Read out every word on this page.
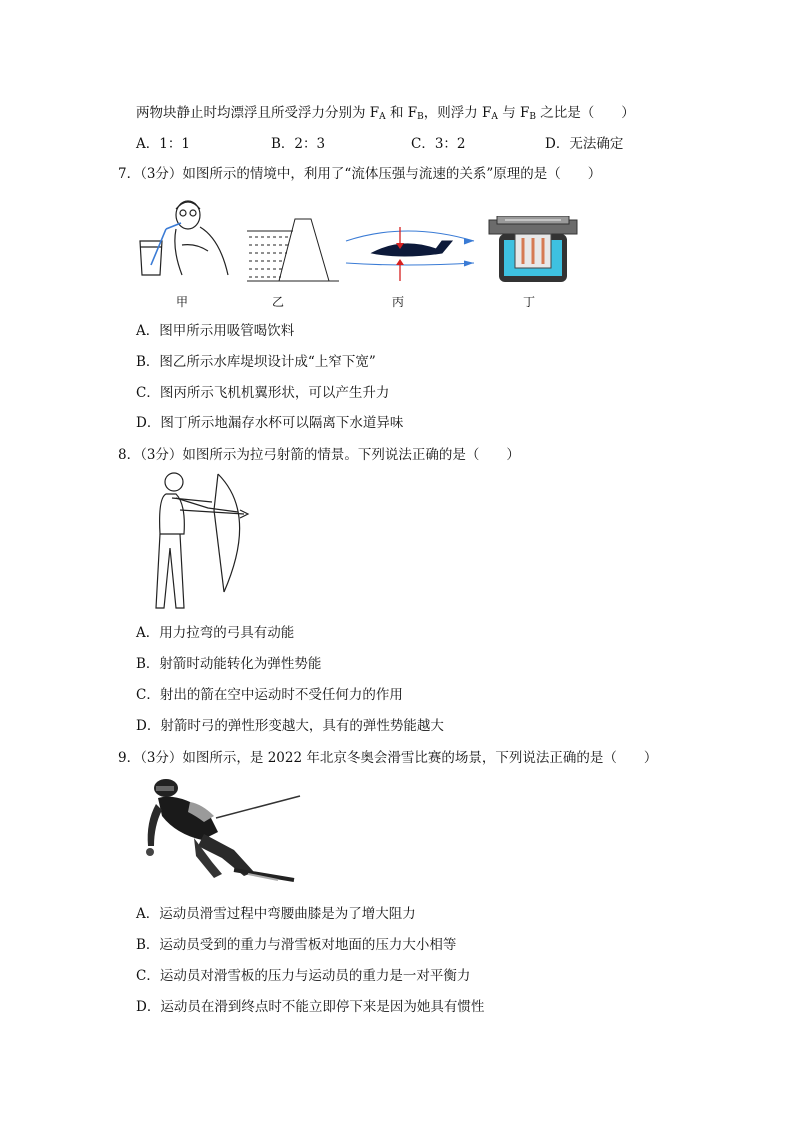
两物块静止时均漂浮且所受浮力分别为 $F_A$ 和 $F_B$，则浮力 $F_A$ 与 $F_B$ 之比是（　　）
A．1：1	B．2：3	C．3：2	D．无法确定
7．（3分）如图所示的情境中，利用了“流体压强与流速的关系”原理的是（　　）
甲	乙	丙	丁
A．图甲所示用吸管喝饮料
B．图乙所示水库堤坝设计成“上窄下宽”
C．图丙所示飞机机翼形状，可以产生升力
D．图丁所示地漏存水杯可以隔离下水道异味
8．（3分）如图所示为拉弓射箭的情景。下列说法正确的是（　　）
A．用力拉弯的弓具有动能
B．射箭时动能转化为弹性势能
C．射出的箭在空中运动时不受任何力的作用
D．射箭时弓的弹性形变越大，具有的弹性势能越大
9．（3分）如图所示，是 2022 年北京冬奥会滑雪比赛的场景，下列说法正确的是（　　）
A．运动员滑雪过程中弯腰曲膝是为了增大阻力
B．运动员受到的重力与滑雪板对地面的压力大小相等
C．运动员对滑雪板的压力与运动员的重力是一对平衡力
D．运动员在滑到终点时不能立即停下来是因为她具有惯性
